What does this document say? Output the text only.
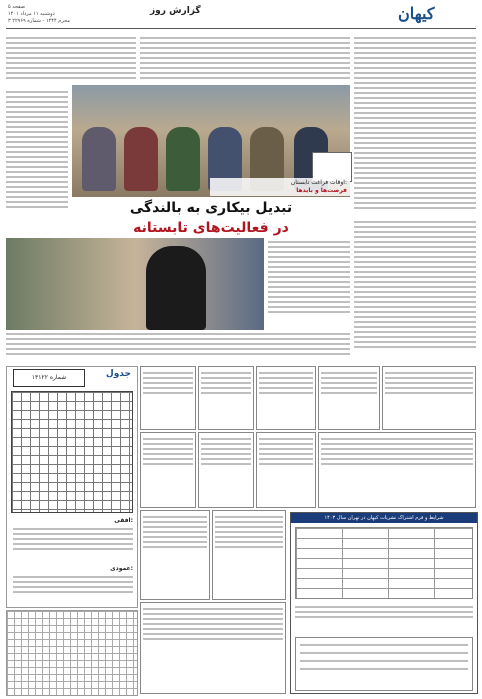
کیهان
گزارش روز
صفحه ۵
دوشنبه ۱۱ مرداد ۱۴۰۱
۳ محرم ۱۴۴۴ - شماره ۲۲۹۶۹
اوقات فراغت تابستان:
فرصت‌ها و بایدها
تبدیل بیکاری به بالندگی
در فعالیت‌های تابستانه
جدول
شماره ۱۳۱۲۲
افقی:
عمودی:
شرایط و فرم اشتراک نشریات کیهان در تهران سال ۱۴۰۳
